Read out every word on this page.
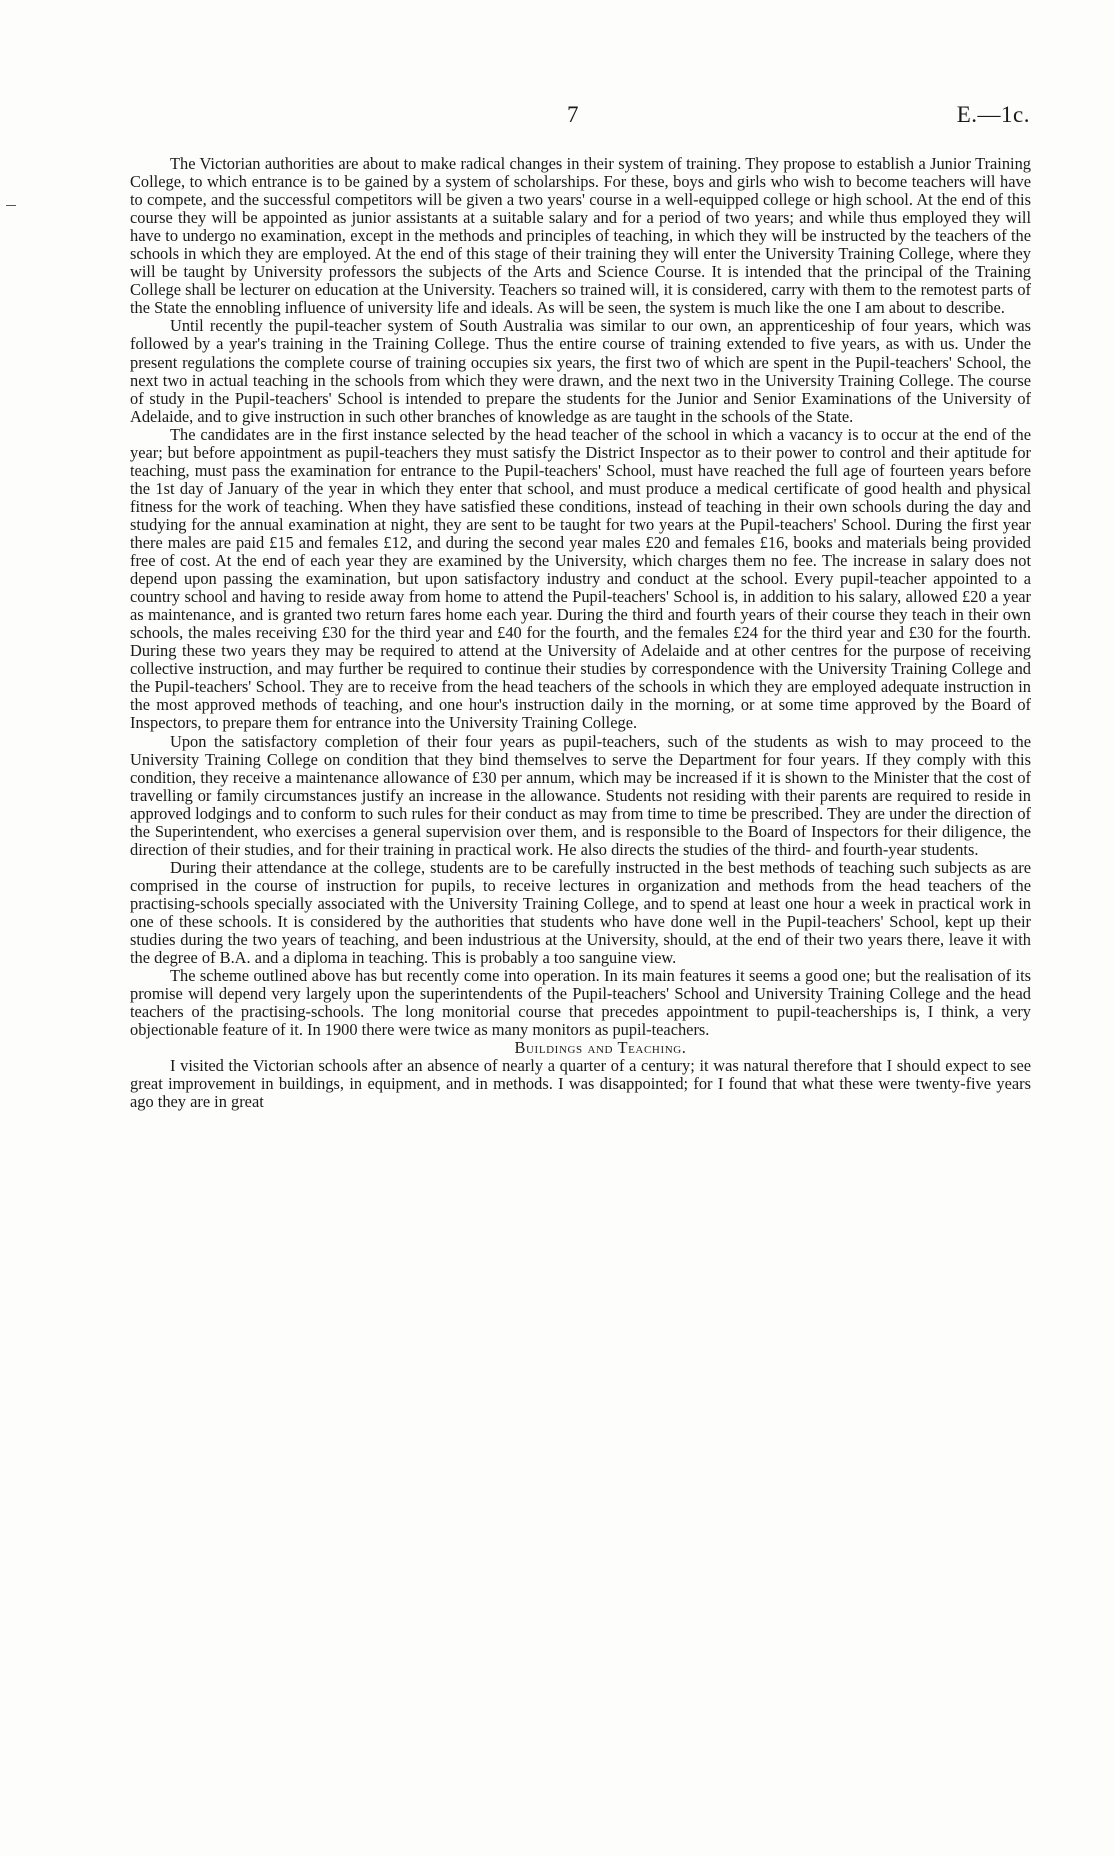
7	E.—1c.

The Victorian authorities are about to make radical changes in their system of training. They propose to establish a Junior Training College, to which entrance is to be gained by a system of scholarships. For these, boys and girls who wish to become teachers will have to compete, and the successful competitors will be given a two years' course in a well-equipped college or high school. At the end of this course they will be appointed as junior assistants at a suitable salary and for a period of two years; and while thus employed they will have to undergo no examination, except in the methods and principles of teaching, in which they will be instructed by the teachers of the schools in which they are employed. At the end of this stage of their training they will enter the University Training College, where they will be taught by University professors the subjects of the Arts and Science Course. It is intended that the principal of the Training College shall be lecturer on education at the University. Teachers so trained will, it is considered, carry with them to the remotest parts of the State the ennobling influence of university life and ideals. As will be seen, the system is much like the one I am about to describe.

Until recently the pupil-teacher system of South Australia was similar to our own, an apprenticeship of four years, which was followed by a year's training in the Training College. Thus the entire course of training extended to five years, as with us. Under the present regulations the complete course of training occupies six years, the first two of which are spent in the Pupil-teachers' School, the next two in actual teaching in the schools from which they were drawn, and the next two in the University Training College. The course of study in the Pupil-teachers' School is intended to prepare the students for the Junior and Senior Examinations of the University of Adelaide, and to give instruction in such other branches of knowledge as are taught in the schools of the State.

The candidates are in the first instance selected by the head teacher of the school in which a vacancy is to occur at the end of the year; but before appointment as pupil-teachers they must satisfy the District Inspector as to their power to control and their aptitude for teaching, must pass the examination for entrance to the Pupil-teachers' School, must have reached the full age of fourteen years before the 1st day of January of the year in which they enter that school, and must produce a medical certificate of good health and physical fitness for the work of teaching. When they have satisfied these conditions, instead of teaching in their own schools during the day and studying for the annual examination at night, they are sent to be taught for two years at the Pupil-teachers' School. During the first year there males are paid £15 and females £12, and during the second year males £20 and females £16, books and materials being provided free of cost. At the end of each year they are examined by the University, which charges them no fee. The increase in salary does not depend upon passing the examination, but upon satisfactory industry and conduct at the school. Every pupil-teacher appointed to a country school and having to reside away from home to attend the Pupil-teachers' School is, in addition to his salary, allowed £20 a year as maintenance, and is granted two return fares home each year. During the third and fourth years of their course they teach in their own schools, the males receiving £30 for the third year and £40 for the fourth, and the females £24 for the third year and £30 for the fourth. During these two years they may be required to attend at the University of Adelaide and at other centres for the purpose of receiving collective instruction, and may further be required to continue their studies by correspondence with the University Training College and the Pupil-teachers' School. They are to receive from the head teachers of the schools in which they are employed adequate instruction in the most approved methods of teaching, and one hour's instruction daily in the morning, or at some time approved by the Board of Inspectors, to prepare them for entrance into the University Training College.

Upon the satisfactory completion of their four years as pupil-teachers, such of the students as wish to may proceed to the University Training College on condition that they bind themselves to serve the Department for four years. If they comply with this condition, they receive a maintenance allowance of £30 per annum, which may be increased if it is shown to the Minister that the cost of travelling or family circumstances justify an increase in the allowance. Students not residing with their parents are required to reside in approved lodgings and to conform to such rules for their conduct as may from time to time be prescribed. They are under the direction of the Superintendent, who exercises a general supervision over them, and is responsible to the Board of Inspectors for their diligence, the direction of their studies, and for their training in practical work. He also directs the studies of the third- and fourth-year students.

During their attendance at the college, students are to be carefully instructed in the best methods of teaching such subjects as are comprised in the course of instruction for pupils, to receive lectures in organization and methods from the head teachers of the practising-schools specially associated with the University Training College, and to spend at least one hour a week in practical work in one of these schools. It is considered by the authorities that students who have done well in the Pupil-teachers' School, kept up their studies during the two years of teaching, and been industrious at the University, should, at the end of their two years there, leave it with the degree of B.A. and a diploma in teaching. This is probably a too sanguine view.

The scheme outlined above has but recently come into operation. In its main features it seems a good one; but the realisation of its promise will depend very largely upon the superintendents of the Pupil-teachers' School and University Training College and the head teachers of the practising-schools. The long monitorial course that precedes appointment to pupil-teacherships is, I think, a very objectionable feature of it. In 1900 there were twice as many monitors as pupil-teachers.

Buildings and Teaching.

I visited the Victorian schools after an absence of nearly a quarter of a century; it was natural therefore that I should expect to see great improvement in buildings, in equipment, and in methods. I was disappointed; for I found that what these were twenty-five years ago they are in great
